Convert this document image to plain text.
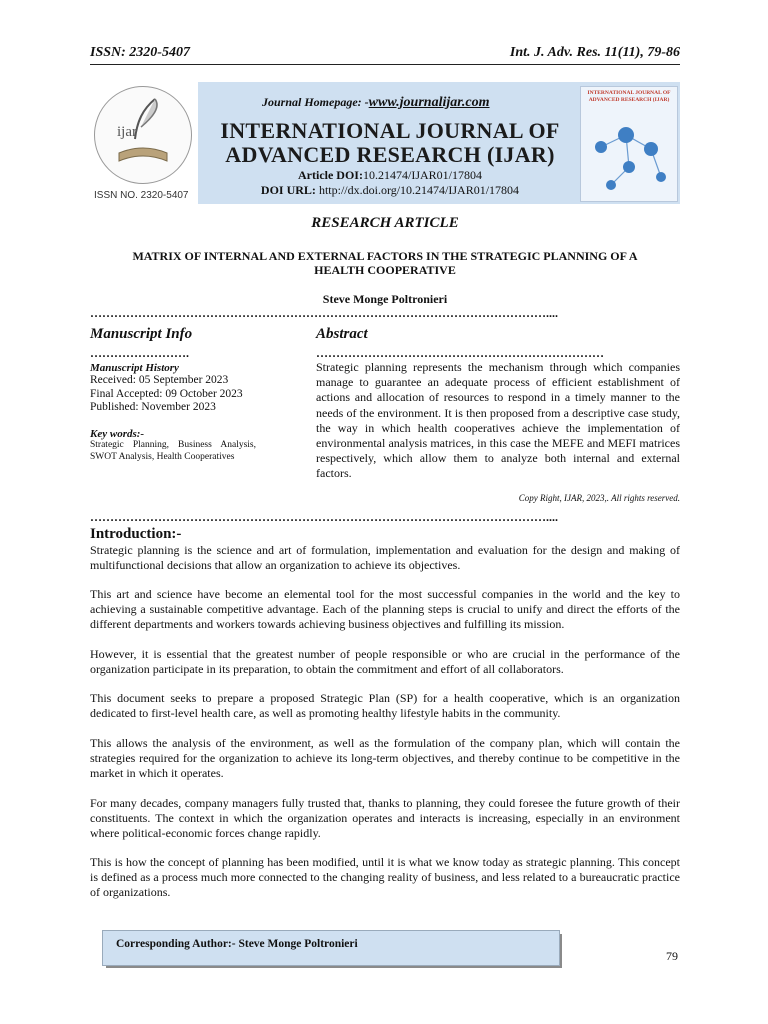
ISSN: 2320-5407	Int. J. Adv. Res. 11(11), 79-86
ijar
ISSN NO. 2320-5407
Journal Homepage: -www.journalijar.com
INTERNATIONAL JOURNAL OF
ADVANCED RESEARCH (IJAR)
Article DOI:10.21474/IJAR01/17804
DOI URL: http://dx.doi.org/10.21474/IJAR01/17804
INTERNATIONAL JOURNAL OF ADVANCED RESEARCH (IJAR)
RESEARCH ARTICLE
MATRIX OF INTERNAL AND EXTERNAL FACTORS IN THE STRATEGIC PLANNING OF A HEALTH COOPERATIVE
Steve Monge Poltronieri
……………………………………………………………………………………………………....
Manuscript Info	Abstract
…………………….	………………………………………………………………
Manuscript History
Received: 05 September 2023
Final Accepted: 09 October 2023
Published: November 2023
Key words:-
Strategic Planning, Business Analysis, SWOT Analysis, Health Cooperatives
Strategic planning represents the mechanism through which companies manage to guarantee an adequate process of efficient establishment of actions and allocation of resources to respond in a timely manner to the needs of the environment. It is then proposed from a descriptive case study, the way in which health cooperatives achieve the implementation of environmental analysis matrices, in this case the MEFE and MEFI matrices respectively, which allow them to analyze both internal and external factors.
Copy Right, IJAR, 2023,. All rights reserved.
……………………………………………………………………………………………………....
Introduction:-

Strategic planning is the science and art of formulation, implementation and evaluation for the design and making of multifunctional decisions that allow an organization to achieve its objectives.

This art and science have become an elemental tool for the most successful companies in the world and the key to achieving a sustainable competitive advantage. Each of the planning steps is crucial to unify and direct the efforts of the different departments and workers towards achieving business objectives and fulfilling its mission.

However, it is essential that the greatest number of people responsible or who are crucial in the performance of the organization participate in its preparation, to obtain the commitment and effort of all collaborators.

This document seeks to prepare a proposed Strategic Plan (SP) for a health cooperative, which is an organization dedicated to first-level health care, as well as promoting healthy lifestyle habits in the community.

This allows the analysis of the environment, as well as the formulation of the company plan, which will contain the strategies required for the organization to achieve its long-term objectives, and thereby continue to be competitive in the market in which it operates.

For many decades, company managers fully trusted that, thanks to planning, they could foresee the future growth of their constituents. The context in which the organization operates and interacts is increasing, especially in an environment where political-economic forces change rapidly.

This is how the concept of planning has been modified, until it is what we know today as strategic planning. This concept is defined as a process much more connected to the changing reality of business, and less related to a bureaucratic practice of organizations.

Corresponding Author:- Steve Monge Poltronieri
79
